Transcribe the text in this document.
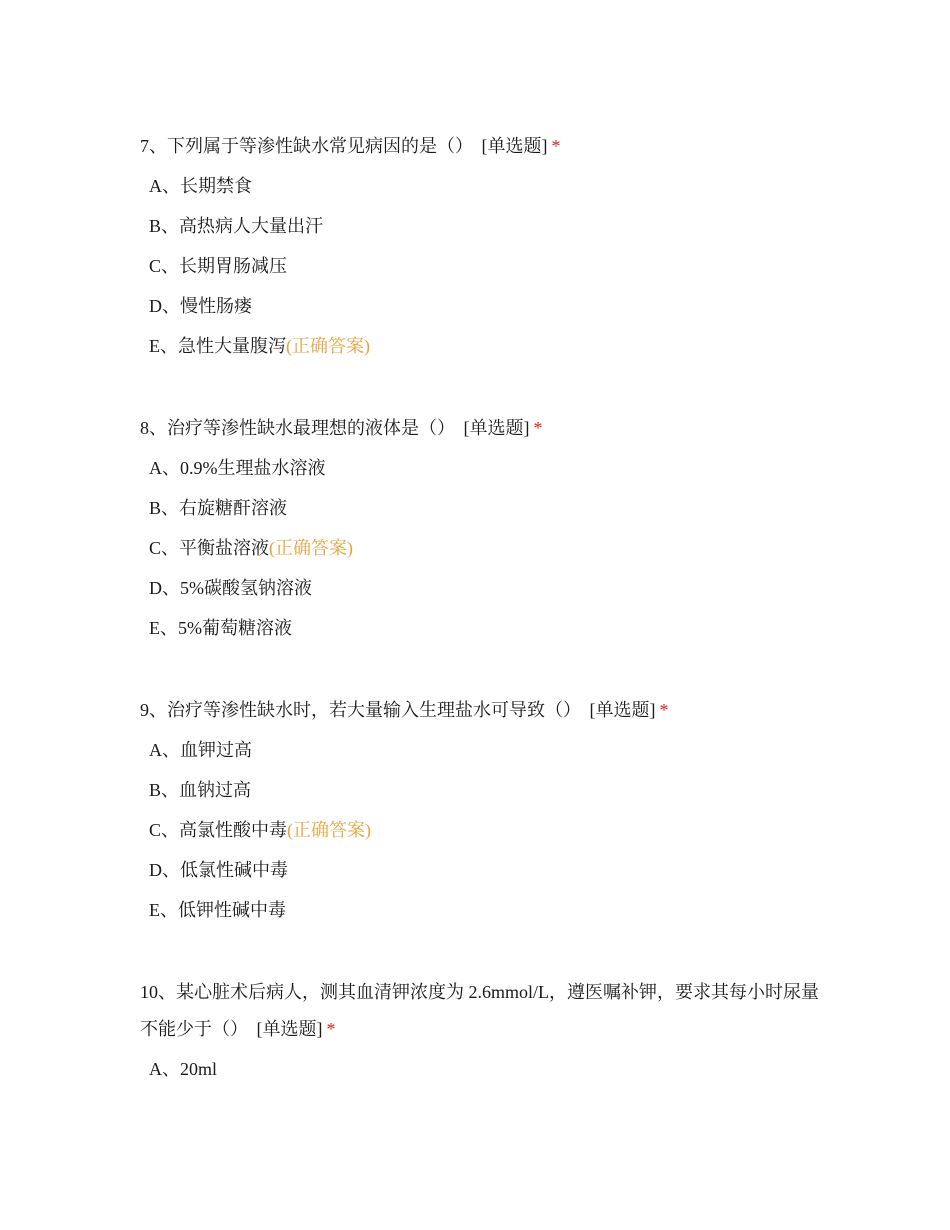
7、下列属于等渗性缺水常见病因的是（） [单选题] *

A、长期禁食
B、高热病人大量出汗
C、长期胃肠减压
D、慢性肠瘘
E、急性大量腹泻(正确答案)

8、治疗等渗性缺水最理想的液体是（） [单选题] *

A、0.9%生理盐水溶液
B、右旋糖酐溶液
C、平衡盐溶液(正确答案)
D、5%碳酸氢钠溶液
E、5%葡萄糖溶液

9、治疗等渗性缺水时，若大量输入生理盐水可导致（） [单选题] *

A、血钾过高
B、血钠过高
C、高氯性酸中毒(正确答案)
D、低氯性碱中毒
E、低钾性碱中毒

10、某心脏术后病人，测其血清钾浓度为 2.6mmol/L，遵医嘱补钾，要求其每小时尿量不能少于（） [单选题] *

A、20ml
